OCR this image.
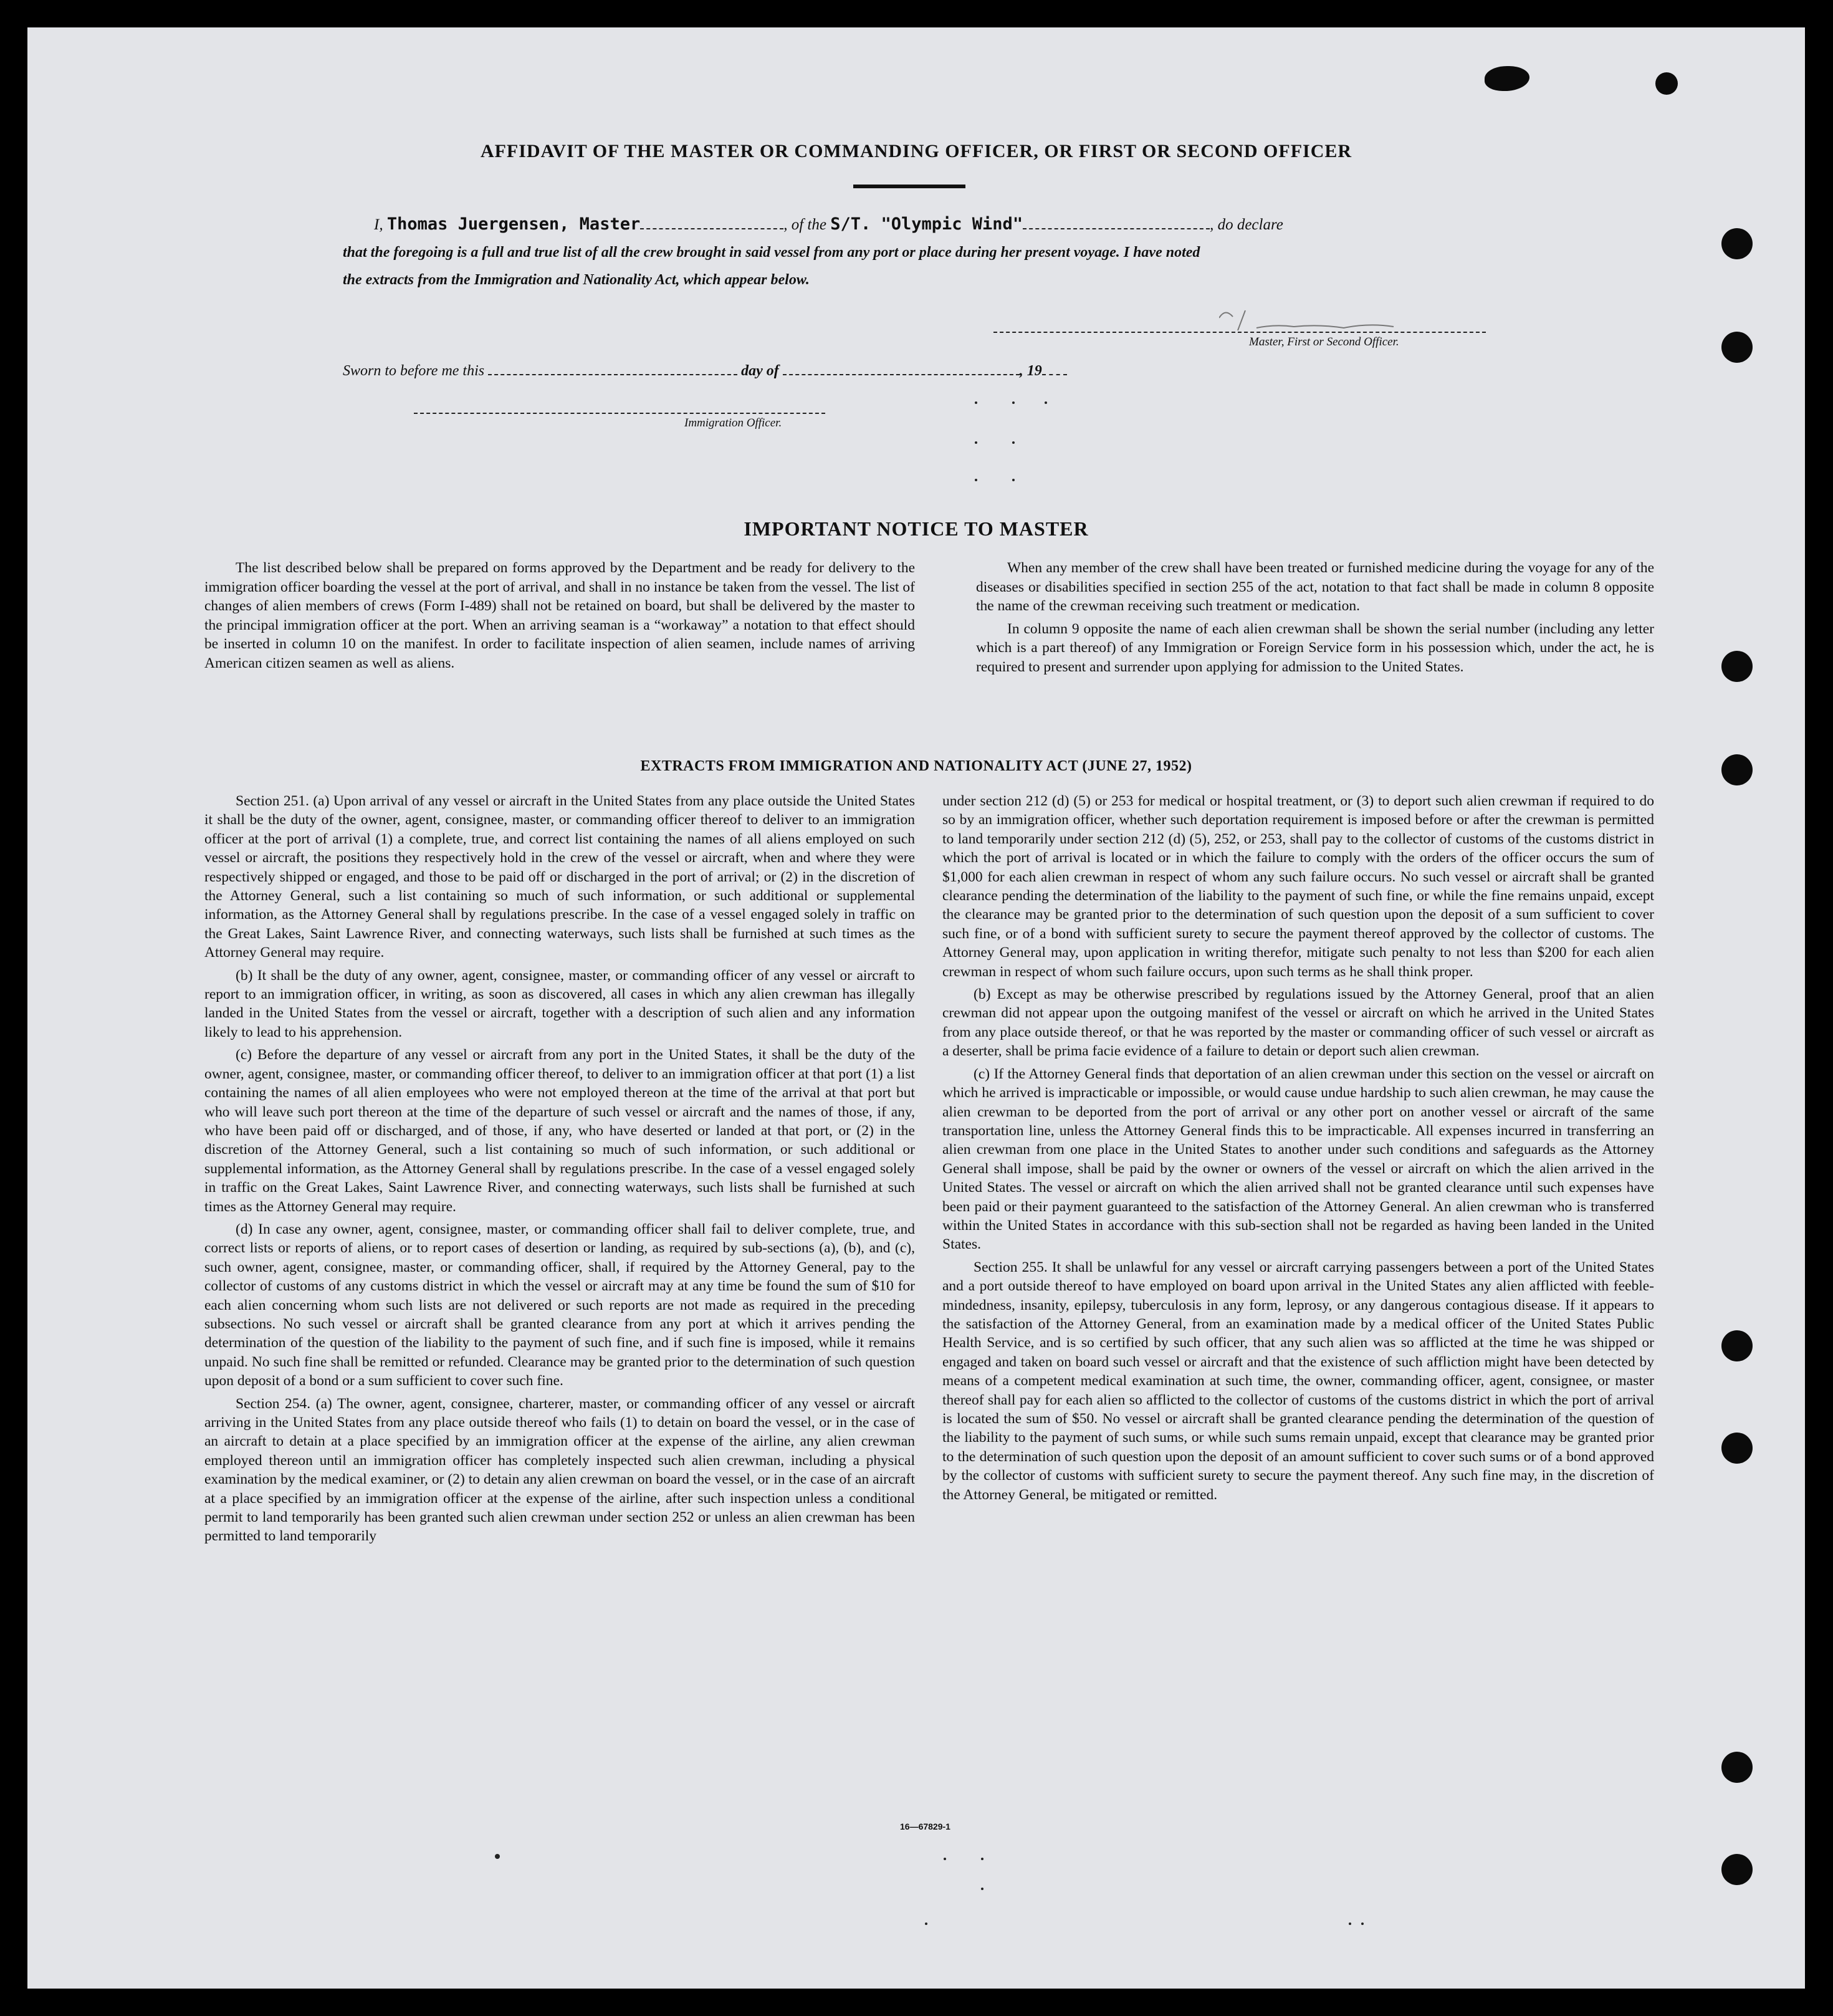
AFFIDAVIT OF THE MASTER OR COMMANDING OFFICER, OR FIRST OR SECOND OFFICER
I, Thomas Juergensen, Master	, of the S/T. "Olympic Wind"	, do declare
that the foregoing is a full and true list of all the crew brought in said vessel from any port or place during her present voyage. I have noted
the extracts from the Immigration and Nationality Act, which appear below.
Master, First or Second Officer.
Sworn to before me this	day of	, 19
Immigration Officer.
IMPORTANT NOTICE TO MASTER

The list described below shall be prepared on forms approved by the Department and be ready for delivery to the immigration officer boarding the vessel at the port of arrival, and shall in no instance be taken from the vessel. The list of changes of alien members of crews (Form I-489) shall not be retained on board, but shall be delivered by the master to the principal immigration officer at the port. When an arriving seaman is a “workaway” a notation to that effect should be inserted in column 10 on the manifest. In order to facilitate inspection of alien seamen, include names of arriving American citizen seamen as well as aliens.

When any member of the crew shall have been treated or furnished medicine during the voyage for any of the diseases or disabilities specified in section 255 of the act, notation to that fact shall be made in column 8 opposite the name of the crewman receiving such treatment or medication.

In column 9 opposite the name of each alien crewman shall be shown the serial number (including any letter which is a part thereof) of any Immigration or Foreign Service form in his possession which, under the act, he is required to present and surrender upon applying for admission to the United States.

EXTRACTS FROM IMMIGRATION AND NATIONALITY ACT (JUNE 27, 1952)

Section 251. (a) Upon arrival of any vessel or aircraft in the United States from any place outside the United States it shall be the duty of the owner, agent, consignee, master, or commanding officer thereof to deliver to an immigration officer at the port of arrival (1) a complete, true, and correct list containing the names of all aliens employed on such vessel or aircraft, the positions they respectively hold in the crew of the vessel or aircraft, when and where they were respectively shipped or engaged, and those to be paid off or discharged in the port of arrival; or (2) in the discretion of the Attorney General, such a list containing so much of such information, or such additional or supplemental information, as the Attorney General shall by regulations prescribe. In the case of a vessel engaged solely in traffic on the Great Lakes, Saint Lawrence River, and connecting waterways, such lists shall be furnished at such times as the Attorney General may require.

(b) It shall be the duty of any owner, agent, consignee, master, or commanding officer of any vessel or aircraft to report to an immigration officer, in writing, as soon as discovered, all cases in which any alien crewman has illegally landed in the United States from the vessel or aircraft, together with a description of such alien and any information likely to lead to his apprehension.

(c) Before the departure of any vessel or aircraft from any port in the United States, it shall be the duty of the owner, agent, consignee, master, or commanding officer thereof, to deliver to an immigration officer at that port (1) a list containing the names of all alien employees who were not employed thereon at the time of the arrival at that port but who will leave such port thereon at the time of the departure of such vessel or aircraft and the names of those, if any, who have been paid off or discharged, and of those, if any, who have deserted or landed at that port, or (2) in the discretion of the Attorney General, such a list containing so much of such information, or such additional or supplemental information, as the Attorney General shall by regulations prescribe. In the case of a vessel engaged solely in traffic on the Great Lakes, Saint Lawrence River, and connecting waterways, such lists shall be furnished at such times as the Attorney General may require.

(d) In case any owner, agent, consignee, master, or commanding officer shall fail to deliver complete, true, and correct lists or reports of aliens, or to report cases of desertion or landing, as required by sub-sections (a), (b), and (c), such owner, agent, consignee, master, or commanding officer, shall, if required by the Attorney General, pay to the collector of customs of any customs district in which the vessel or aircraft may at any time be found the sum of $10 for each alien concerning whom such lists are not delivered or such reports are not made as required in the preceding subsections. No such vessel or aircraft shall be granted clearance from any port at which it arrives pending the determination of the question of the liability to the payment of such fine, and if such fine is imposed, while it remains unpaid. No such fine shall be remitted or refunded. Clearance may be granted prior to the determination of such question upon deposit of a bond or a sum sufficient to cover such fine.

Section 254. (a) The owner, agent, consignee, charterer, master, or commanding officer of any vessel or aircraft arriving in the United States from any place outside thereof who fails (1) to detain on board the vessel, or in the case of an aircraft to detain at a place specified by an immigration officer at the expense of the airline, any alien crewman employed thereon until an immigration officer has completely inspected such alien crewman, including a physical examination by the medical examiner, or (2) to detain any alien crewman on board the vessel, or in the case of an aircraft at a place specified by an immigration officer at the expense of the airline, after such inspection unless a conditional permit to land temporarily has been granted such alien crewman under section 252 or unless an alien crewman has been permitted to land temporarily

under section 212 (d) (5) or 253 for medical or hospital treatment, or (3) to deport such alien crewman if required to do so by an immigration officer, whether such deportation requirement is imposed before or after the crewman is permitted to land temporarily under section 212 (d) (5), 252, or 253, shall pay to the collector of customs of the customs district in which the port of arrival is located or in which the failure to comply with the orders of the officer occurs the sum of $1,000 for each alien crewman in respect of whom any such failure occurs. No such vessel or aircraft shall be granted clearance pending the determination of the liability to the payment of such fine, or while the fine remains unpaid, except the clearance may be granted prior to the determination of such question upon the deposit of a sum sufficient to cover such fine, or of a bond with sufficient surety to secure the payment thereof approved by the collector of customs. The Attorney General may, upon application in writing therefor, mitigate such penalty to not less than $200 for each alien crewman in respect of whom such failure occurs, upon such terms as he shall think proper.

(b) Except as may be otherwise prescribed by regulations issued by the Attorney General, proof that an alien crewman did not appear upon the outgoing manifest of the vessel or aircraft on which he arrived in the United States from any place outside thereof, or that he was reported by the master or commanding officer of such vessel or aircraft as a deserter, shall be prima facie evidence of a failure to detain or deport such alien crewman.

(c) If the Attorney General finds that deportation of an alien crewman under this section on the vessel or aircraft on which he arrived is impracticable or impossible, or would cause undue hardship to such alien crewman, he may cause the alien crewman to be deported from the port of arrival or any other port on another vessel or aircraft of the same transportation line, unless the Attorney General finds this to be impracticable. All expenses incurred in transferring an alien crewman from one place in the United States to another under such conditions and safeguards as the Attorney General shall impose, shall be paid by the owner or owners of the vessel or aircraft on which the alien arrived in the United States. The vessel or aircraft on which the alien arrived shall not be granted clearance until such expenses have been paid or their payment guaranteed to the satisfaction of the Attorney General. An alien crewman who is transferred within the United States in accordance with this sub-section shall not be regarded as having been landed in the United States.

Section 255. It shall be unlawful for any vessel or aircraft carrying passengers between a port of the United States and a port outside thereof to have employed on board upon arrival in the United States any alien afflicted with feeble-mindedness, insanity, epilepsy, tuberculosis in any form, leprosy, or any dangerous contagious disease. If it appears to the satisfaction of the Attorney General, from an examination made by a medical officer of the United States Public Health Service, and is so certified by such officer, that any such alien was so afflicted at the time he was shipped or engaged and taken on board such vessel or aircraft and that the existence of such affliction might have been detected by means of a competent medical examination at such time, the owner, commanding officer, agent, consignee, or master thereof shall pay for each alien so afflicted to the collector of customs of the customs district in which the port of arrival is located the sum of $50. No vessel or aircraft shall be granted clearance pending the determination of the question of the liability to the payment of such sums, or while such sums remain unpaid, except that clearance may be granted prior to the determination of such question upon the deposit of an amount sufficient to cover such sums or of a bond approved by the collector of customs with sufficient surety to secure the payment thereof. Any such fine may, in the discretion of the Attorney General, be mitigated or remitted.

16—67829-1
